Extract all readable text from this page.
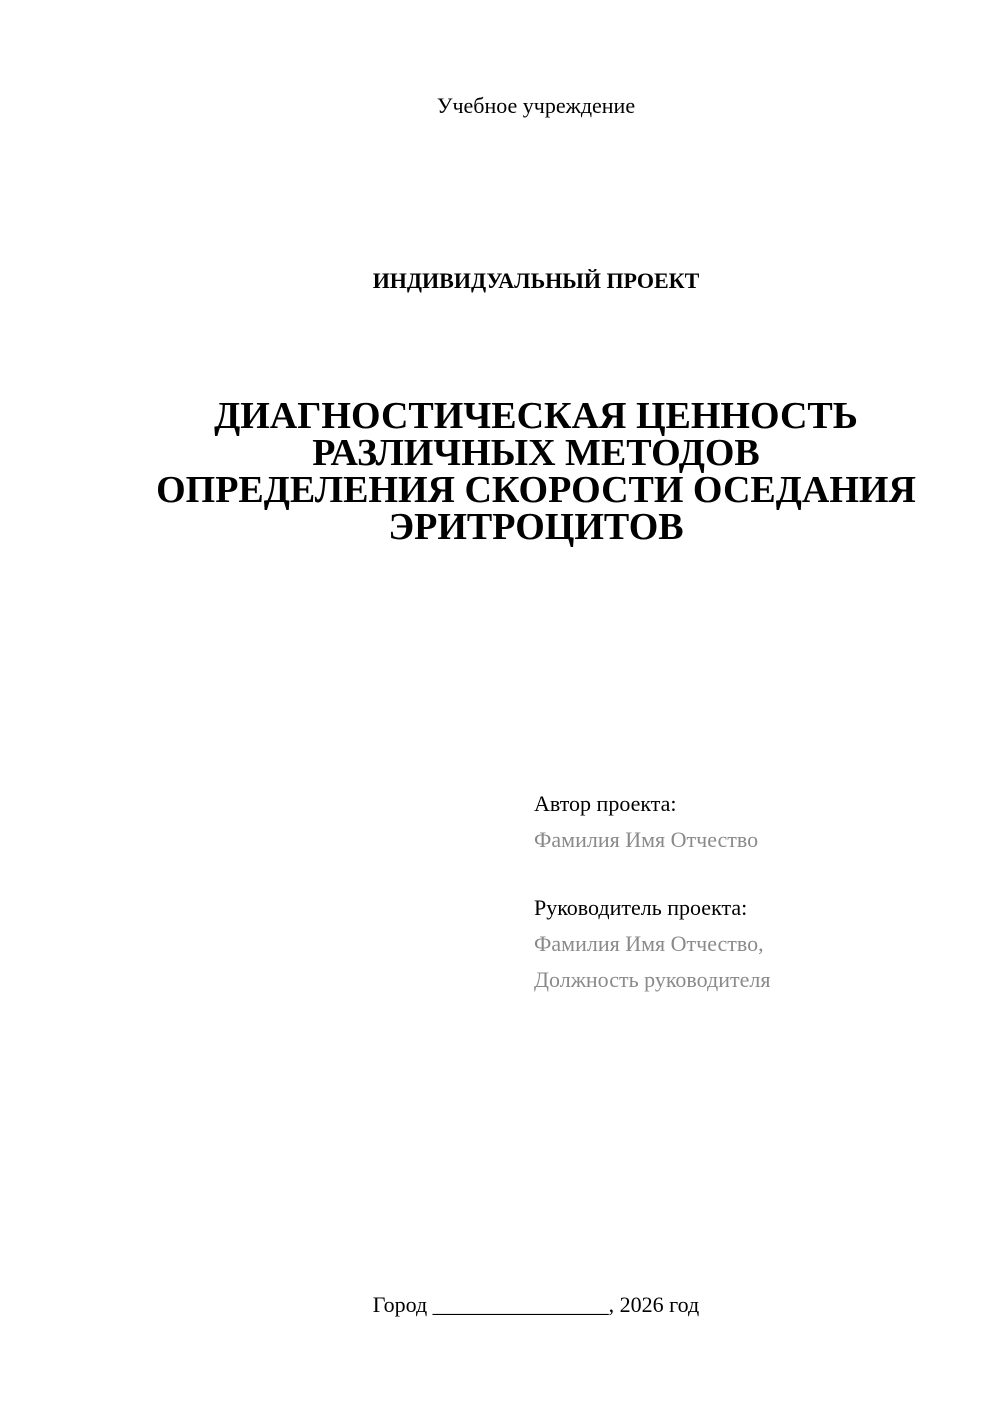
Учебное учреждение
ИНДИВИДУАЛЬНЫЙ ПРОЕКТ
ДИАГНОСТИЧЕСКАЯ ЦЕННОСТЬ
РАЗЛИЧНЫХ МЕТОДОВ
ОПРЕДЕЛЕНИЯ СКОРОСТИ ОСЕДАНИЯ
ЭРИТРОЦИТОВ
Автор проекта:
Фамилия Имя Отчество
Руководитель проекта:
Фамилия Имя Отчество,
Должность руководителя
Город ________________, 2026 год
